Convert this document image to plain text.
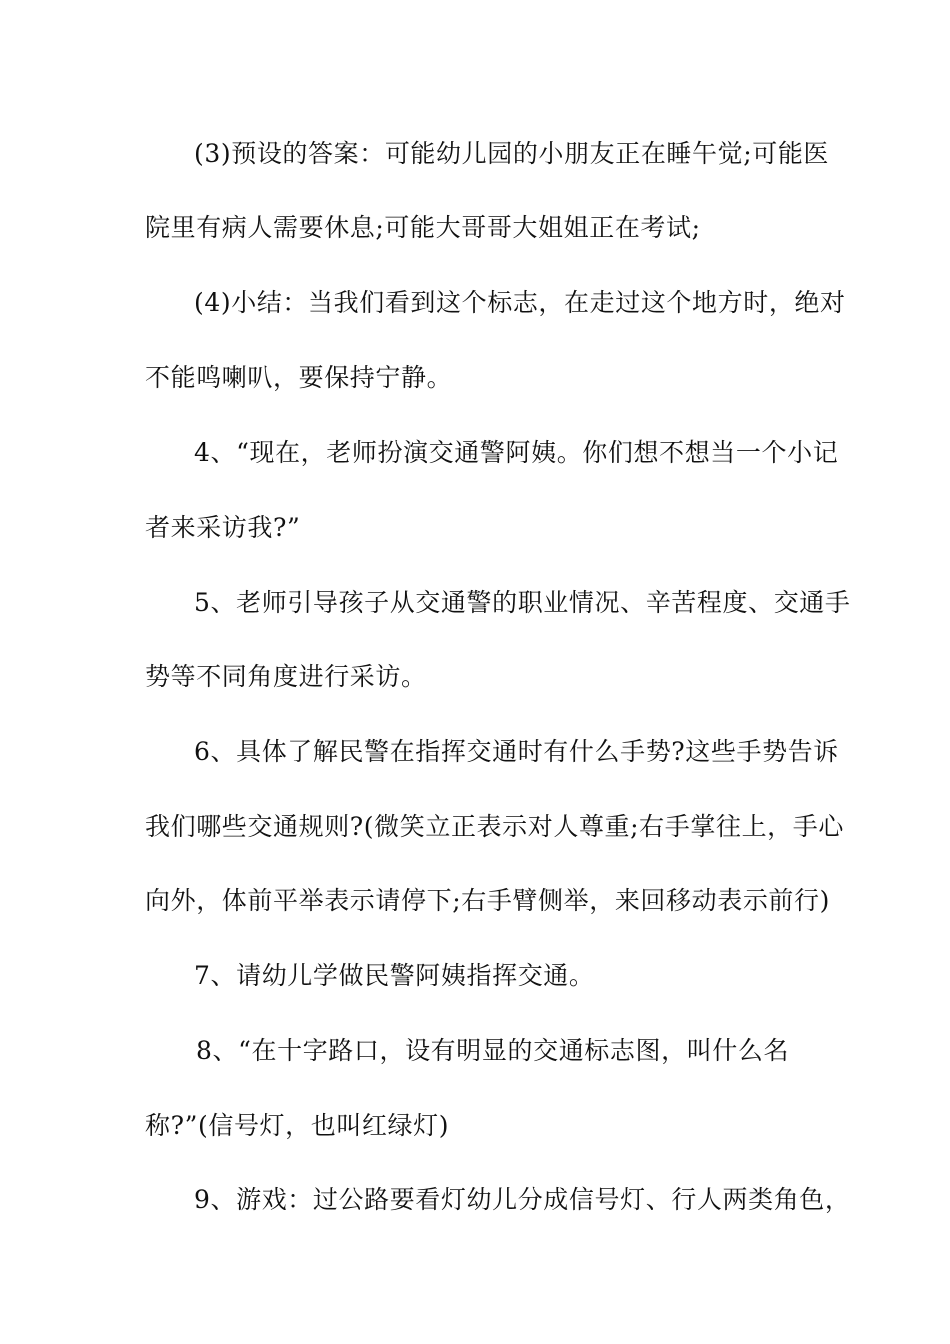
(3)预设的答案：可能幼儿园的小朋友正在睡午觉;可能医
院里有病人需要休息;可能大哥哥大姐姐正在考试;
(4)小结：当我们看到这个标志，在走过这个地方时，绝对
不能鸣喇叭，要保持宁静。
4、“现在，老师扮演交通警阿姨。你们想不想当一个小记
者来采访我?”
5、老师引导孩子从交通警的职业情况、辛苦程度、交通手
势等不同角度进行采访。
6、具体了解民警在指挥交通时有什么手势?这些手势告诉
我们哪些交通规则?(微笑立正表示对人尊重;右手掌往上，手心
向外，体前平举表示请停下;右手臂侧举，来回移动表示前行)
7、请幼儿学做民警阿姨指挥交通。
8、“在十字路口，设有明显的交通标志图，叫什么名
称?”(信号灯，也叫红绿灯)
9、游戏：过公路要看灯幼儿分成信号灯、行人两类角色，
